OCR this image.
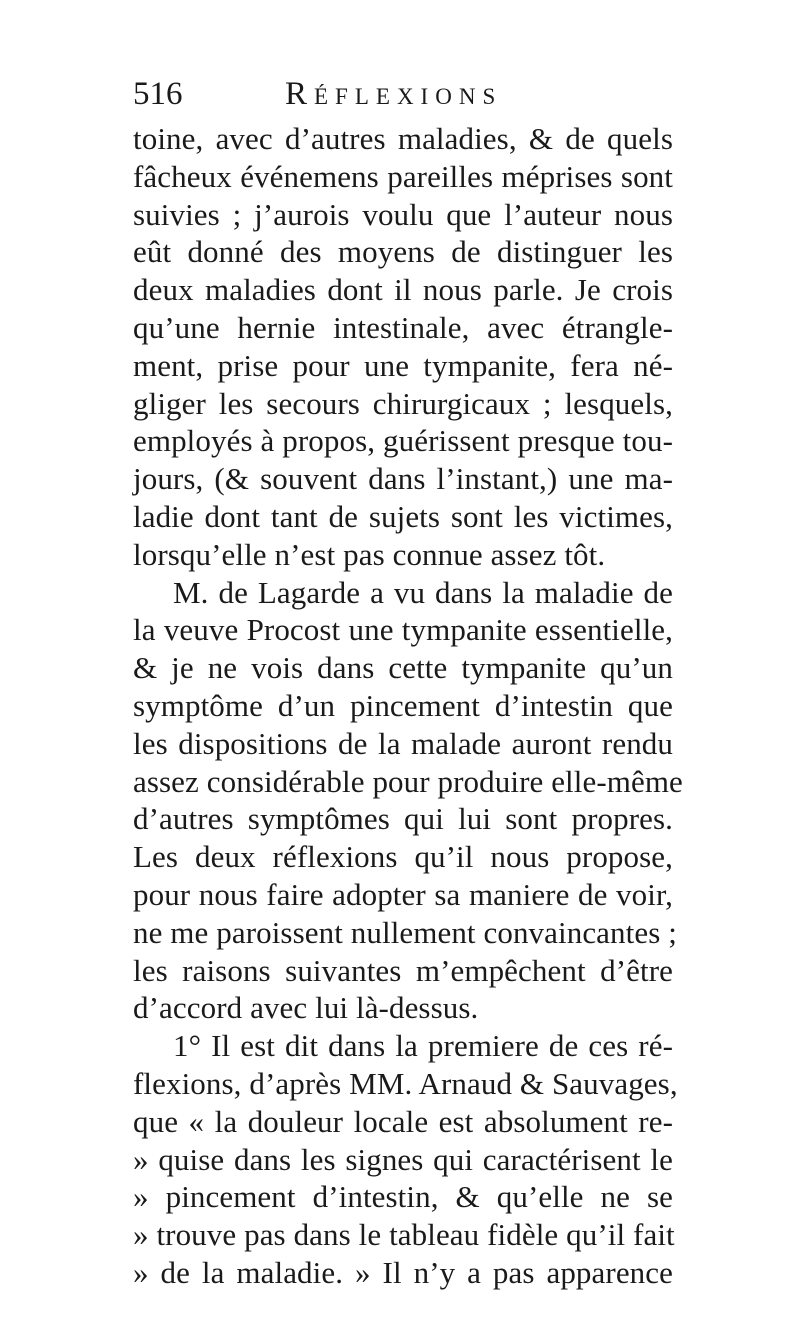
516	Réflexions
toine, avec d’autres maladies, & de quels
fâcheux événemens pareilles méprises sont
suivies ; j’aurois voulu que l’auteur nous
eût donné des moyens de distinguer les
deux maladies dont il nous parle. Je crois
qu’une hernie intestinale, avec étrangle-
ment, prise pour une tympanite, fera né-
gliger les secours chirurgicaux ; lesquels,
employés à propos, guérissent presque tou-
jours, (& souvent dans l’instant,) une ma-
ladie dont tant de sujets sont les victimes,
lorsqu’elle n’est pas connue assez tôt.
M. de Lagarde a vu dans la maladie de
la veuve Procost une tympanite essentielle,
& je ne vois dans cette tympanite qu’un
symptôme d’un pincement d’intestin que
les dispositions de la malade auront rendu
assez considérable pour produire elle-même
d’autres symptômes qui lui sont propres.
Les deux réflexions qu’il nous propose,
pour nous faire adopter sa maniere de voir,
ne me paroissent nullement convaincantes ;
les raisons suivantes m’empêchent d’être
d’accord avec lui là-dessus.
1° Il est dit dans la premiere de ces ré-
flexions, d’après MM. Arnaud & Sauvages,
que « la douleur locale est absolument re-
» quise dans les signes qui caractérisent le
» pincement d’intestin, & qu’elle ne se
» trouve pas dans le tableau fidèle qu’il fait
» de la maladie. » Il n’y a pas apparence
